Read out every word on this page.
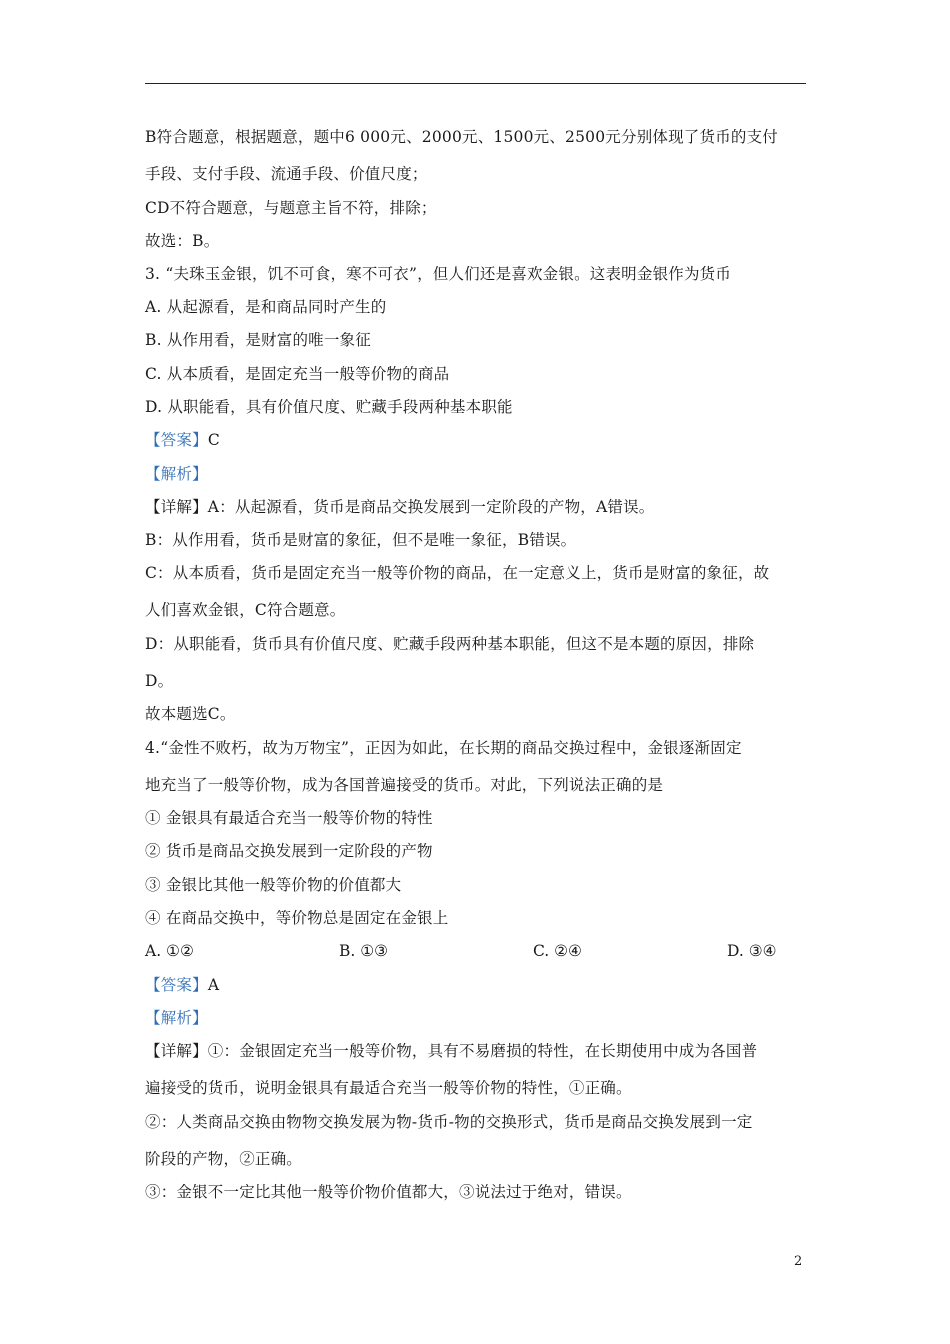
B符合题意，根据题意，题中6 000元、2000元、1500元、2500元分别体现了货币的支付
手段、支付手段、流通手段、价值尺度；
CD不符合题意，与题意主旨不符，排除；
故选：B。
3. “夫珠玉金银，饥不可食，寒不可衣”，但人们还是喜欢金银。这表明金银作为货币
A. 从起源看，是和商品同时产生的
B. 从作用看，是财富的唯一象征
C. 从本质看，是固定充当一般等价物的商品
D. 从职能看，具有价值尺度、贮藏手段两种基本职能
【答案】C
【解析】
【详解】A：从起源看，货币是商品交换发展到一定阶段的产物，A错误。
B：从作用看，货币是财富的象征，但不是唯一象征，B错误。
C：从本质看，货币是固定充当一般等价物的商品，在一定意义上，货币是财富的象征，故
人们喜欢金银，C符合题意。
D：从职能看，货币具有价值尺度、贮藏手段两种基本职能，但这不是本题的原因，排除
D。
故本题选C。
4.“金性不败朽，故为万物宝”，正因为如此，在长期的商品交换过程中，金银逐渐固定
地充当了一般等价物，成为各国普遍接受的货币。对此，下列说法正确的是
① 金银具有最适合充当一般等价物的特性
② 货币是商品交换发展到一定阶段的产物
③ 金银比其他一般等价物的价值都大
④ 在商品交换中，等价物总是固定在金银上
A. ①②	B. ①③	C. ②④	D. ③④
【答案】A
【解析】
【详解】①：金银固定充当一般等价物，具有不易磨损的特性，在长期使用中成为各国普
遍接受的货币，说明金银具有最适合充当一般等价物的特性，①正确。
②：人类商品交换由物物交换发展为物-货币-物的交换形式，货币是商品交换发展到一定
阶段的产物，②正确。
③：金银不一定比其他一般等价物价值都大，③说法过于绝对，错误。
2
